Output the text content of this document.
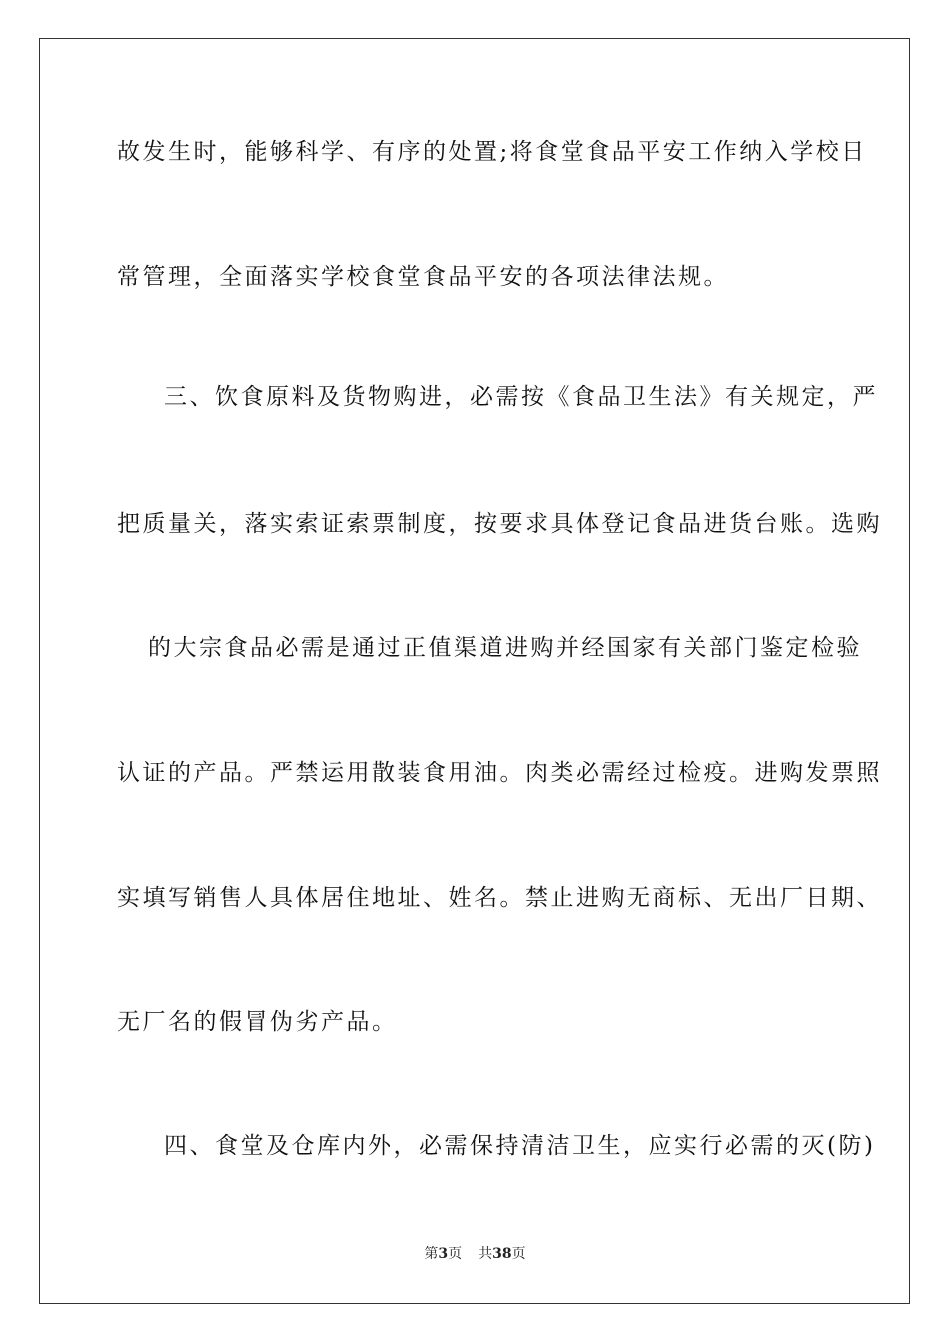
故发生时，能够科学、有序的处置;将食堂食品平安工作纳入学校日
常管理，全面落实学校食堂食品平安的各项法律法规。
三、饮食原料及货物购进，必需按《食品卫生法》有关规定，严
把质量关，落实索证索票制度，按要求具体登记食品进货台账。选购
的大宗食品必需是通过正值渠道进购并经国家有关部门鉴定检验
认证的产品。严禁运用散装食用油。肉类必需经过检疫。进购发票照
实填写销售人具体居住地址、姓名。禁止进购无商标、无出厂日期、
无厂名的假冒伪劣产品。
四、食堂及仓库内外，必需保持清洁卫生，应实行必需的灭(防)
第3页 共38页
